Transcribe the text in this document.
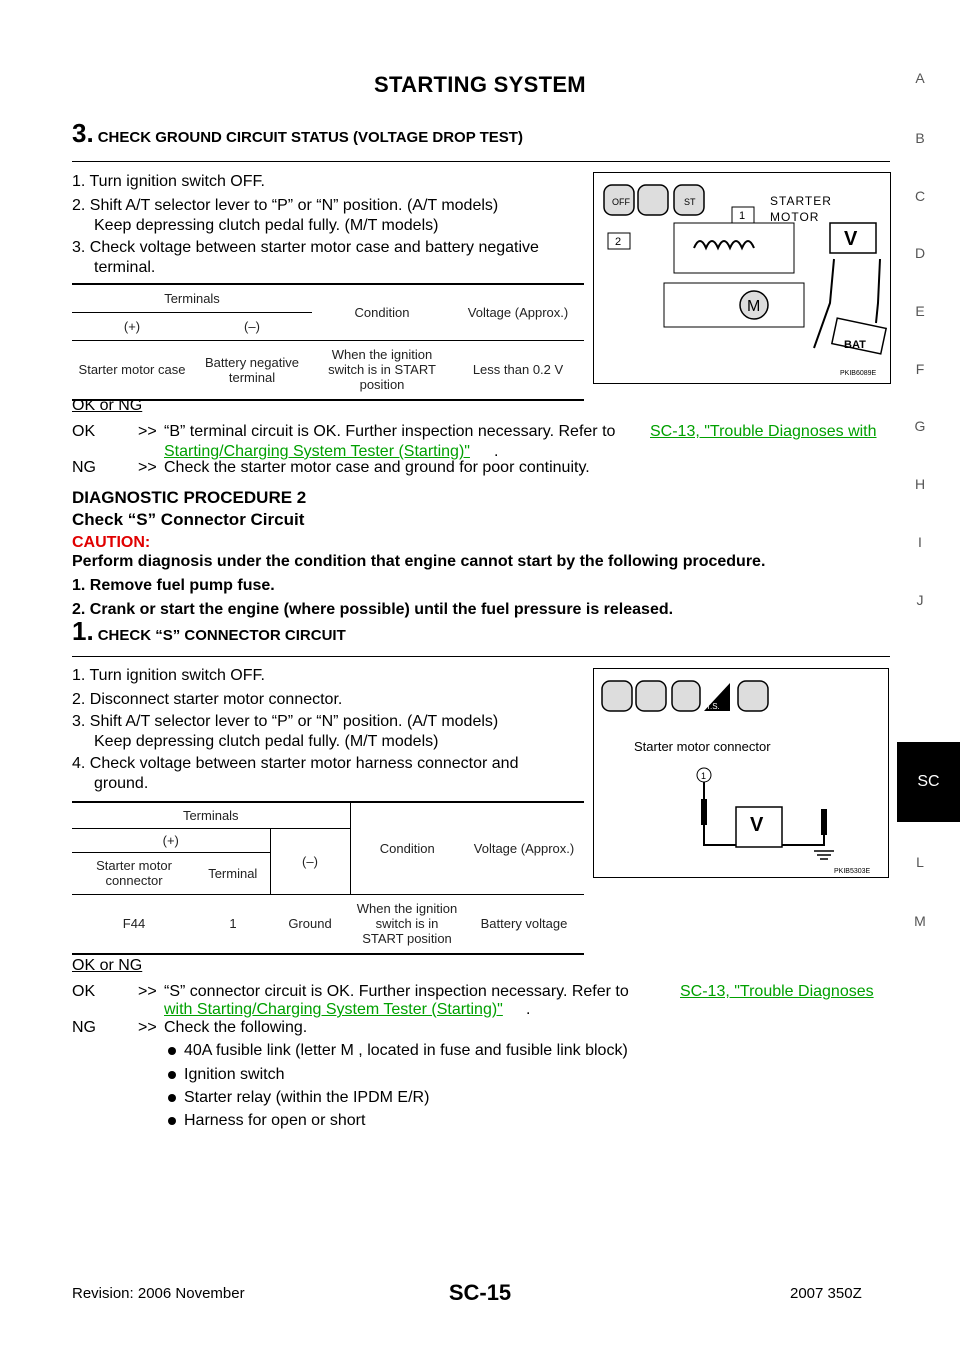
STARTING SYSTEM	A
B
C
D
E
F
G
H
I
J
L
M
SC
3. CHECK GROUND CIRCUIT STATUS (VOLTAGE DROP TEST)
1. Turn ignition switch OFF.
2. Shift A/T selector lever to “P” or “N” position. (A/T models)
Keep depressing clutch pedal fully. (M/T models)
3. Check voltage between starter motor case and battery negative
terminal.
Terminals		Condition	Voltage (Approx.)
(+)	(–)		
Starter motor case	Battery negative terminal	When the ignition switch is in START position	Less than 0.2 V
OFF	ST	STARTER
MOTOR
1
2
M
V
BAT
PKIB6089E
OK or NG
OK	>> “B” terminal circuit is OK. Further inspection necessary. Refer to SC-13, "Trouble Diagnoses with
Starting/Charging System Tester (Starting)" .
NG	>> Check the starter motor case and ground for poor continuity.
DIAGNOSTIC PROCEDURE 2
Check “S” Connector Circuit
CAUTION:
Perform diagnosis under the condition that engine cannot start by the following procedure.
1. Remove fuel pump fuse.
2. Crank or start the engine (where possible) until the fuel pressure is released.
1. CHECK “S” CONNECTOR CIRCUIT
1. Turn ignition switch OFF.
2. Disconnect starter motor connector.
3. Shift A/T selector lever to “P” or “N” position. (A/T models)
Keep depressing clutch pedal fully. (M/T models)
4. Check voltage between starter motor harness connector and
ground.
Terminals			Condition	Voltage (Approx.)
(+)		(–)		
Starter motor connector	Terminal			
F44	1	Ground	When the ignition switch is in START position	Battery voltage
T.S.
Starter motor connector
1
V
PKIB5303E
OK or NG
OK	>> “S” connector circuit is OK. Further inspection necessary. Refer to	SC-13, "Trouble Diagnoses
with Starting/Charging System Tester (Starting)" .
NG	>> Check the following.
40A fusible link (letter M , located in fuse and fusible link block)
Ignition switch
Starter relay (within the IPDM E/R)
Harness for open or short
Revision: 2006 November	SC-15	2007 350Z
